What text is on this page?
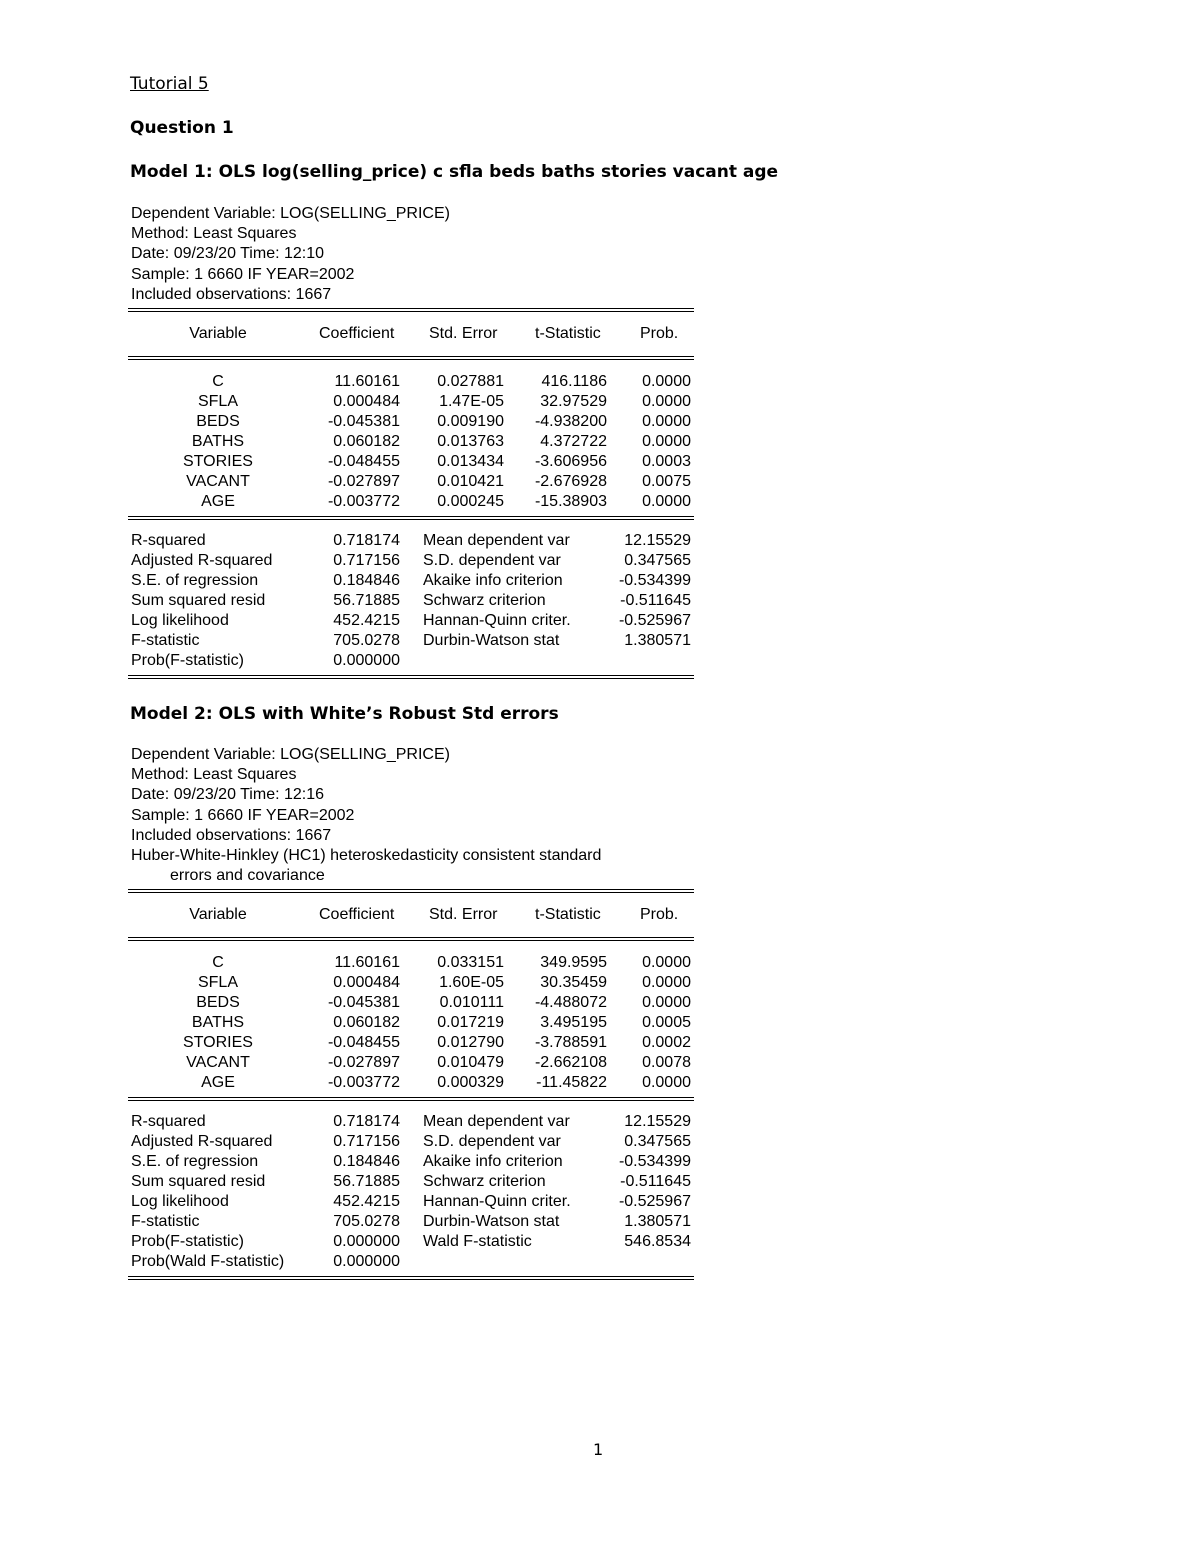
Tutorial 5
Question 1
Model 1: OLS log(selling_price) c sfla beds baths stories vacant age
Dependent Variable: LOG(SELLING_PRICE)
Method: Least Squares
Date: 09/23/20 Time: 12:10
Sample: 1 6660 IF YEAR=2002
Included observations: 1667
Variable	Coefficient Std. Error t-Statistic Prob.
C	11.60161 0.027881 416.1186 0.0000
SFLA	0.000484 1.47E-05 32.97529 0.0000
BEDS	-0.045381 0.009190 -4.938200 0.0000
BATHS	0.060182 0.013763 4.372722 0.0000
STORIES	-0.048455 0.013434 -3.606956 0.0003
VACANT	-0.027897 0.010421 -2.676928 0.0075
AGE	-0.003772 0.000245 -15.38903 0.0000
R-squared	0.718174 Mean dependent var	12.15529
Adjusted R-squared	0.717156 S.D. dependent var	0.347565
S.E. of regression	0.184846 Akaike info criterion	-0.534399
Sum squared resid	56.71885 Schwarz criterion	-0.511645
Log likelihood	452.4215 Hannan-Quinn criter.	-0.525967
F-statistic	705.0278 Durbin-Watson stat	1.380571
Prob(F-statistic)	0.000000
Model 2: OLS with White’s Robust Std errors
Dependent Variable: LOG(SELLING_PRICE)
Method: Least Squares
Date: 09/23/20 Time: 12:16
Sample: 1 6660 IF YEAR=2002
Included observations: 1667
Huber-White-Hinkley (HC1) heteroskedasticity consistent standard
errors and covariance
Variable	Coefficient Std. Error t-Statistic Prob.
C	11.60161 0.033151 349.9595 0.0000
SFLA	0.000484 1.60E-05 30.35459 0.0000
BEDS	-0.045381 0.010111 -4.488072 0.0000
BATHS	0.060182 0.017219 3.495195 0.0005
STORIES	-0.048455 0.012790 -3.788591 0.0002
VACANT	-0.027897 0.010479 -2.662108 0.0078
AGE	-0.003772 0.000329 -11.45822 0.0000
R-squared	0.718174 Mean dependent var	12.15529
Adjusted R-squared	0.717156 S.D. dependent var	0.347565
S.E. of regression	0.184846 Akaike info criterion	-0.534399
Sum squared resid	56.71885 Schwarz criterion	-0.511645
Log likelihood	452.4215 Hannan-Quinn criter.	-0.525967
F-statistic	705.0278 Durbin-Watson stat	1.380571
Prob(F-statistic)	0.000000 Wald F-statistic	546.8534
Prob(Wald F-statistic)	0.000000
1
